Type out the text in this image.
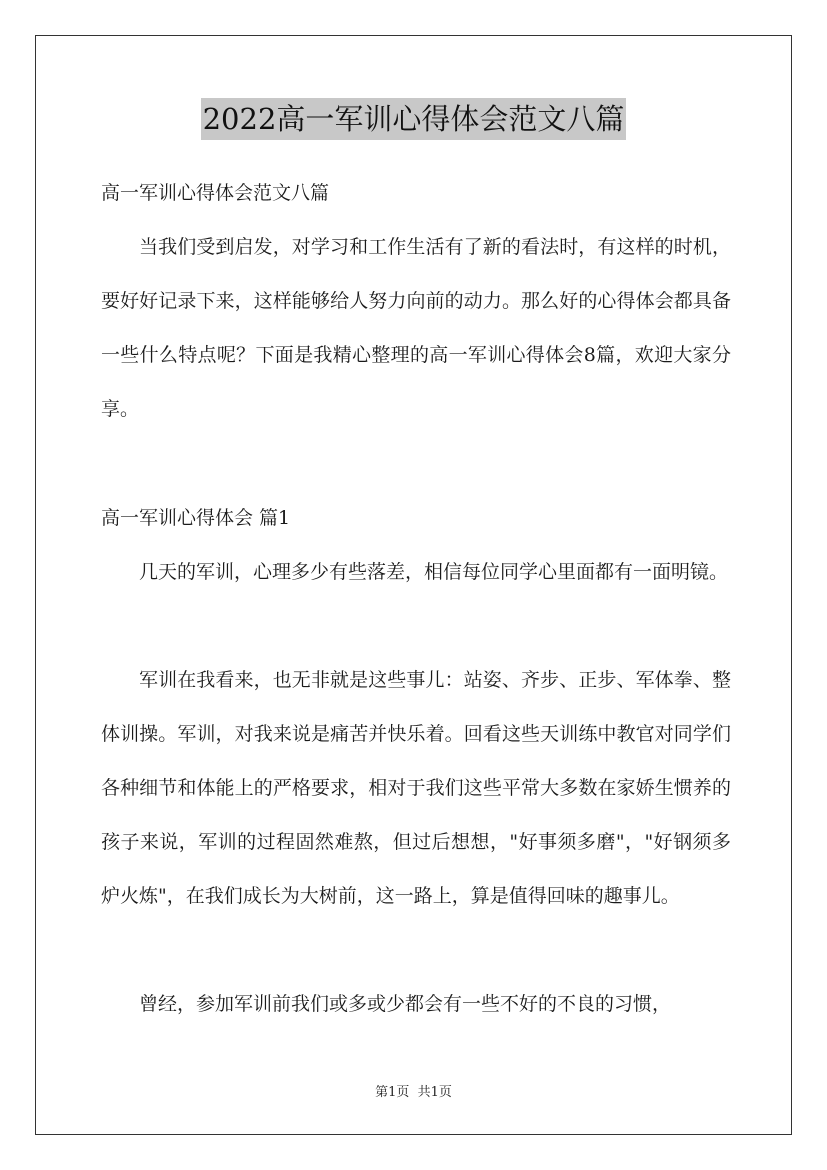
2022高一军训心得体会范文八篇
高一军训心得体会范文八篇

当我们受到启发，对学习和工作生活有了新的看法时，有这样的时机，要好好记录下来，这样能够给人努力向前的动力。那么好的心得体会都具备一些什么特点呢？下面是我精心整理的高一军训心得体会8篇，欢迎大家分享。

高一军训心得体会 篇1

几天的军训，心理多少有些落差，相信每位同学心里面都有一面明镜。

军训在我看来，也无非就是这些事儿：站姿、齐步、正步、军体拳、整体训操。军训，对我来说是痛苦并快乐着。回看这些天训练中教官对同学们各种细节和体能上的严格要求，相对于我们这些平常大多数在家娇生惯养的孩子来说，军训的过程固然难熬，但过后想想，"好事须多磨"，"好钢须多炉火炼"，在我们成长为大树前，这一路上，算是值得回味的趣事儿。

曾经，参加军训前我们或多或少都会有一些不好的不良的习惯，

第1页 共1页
